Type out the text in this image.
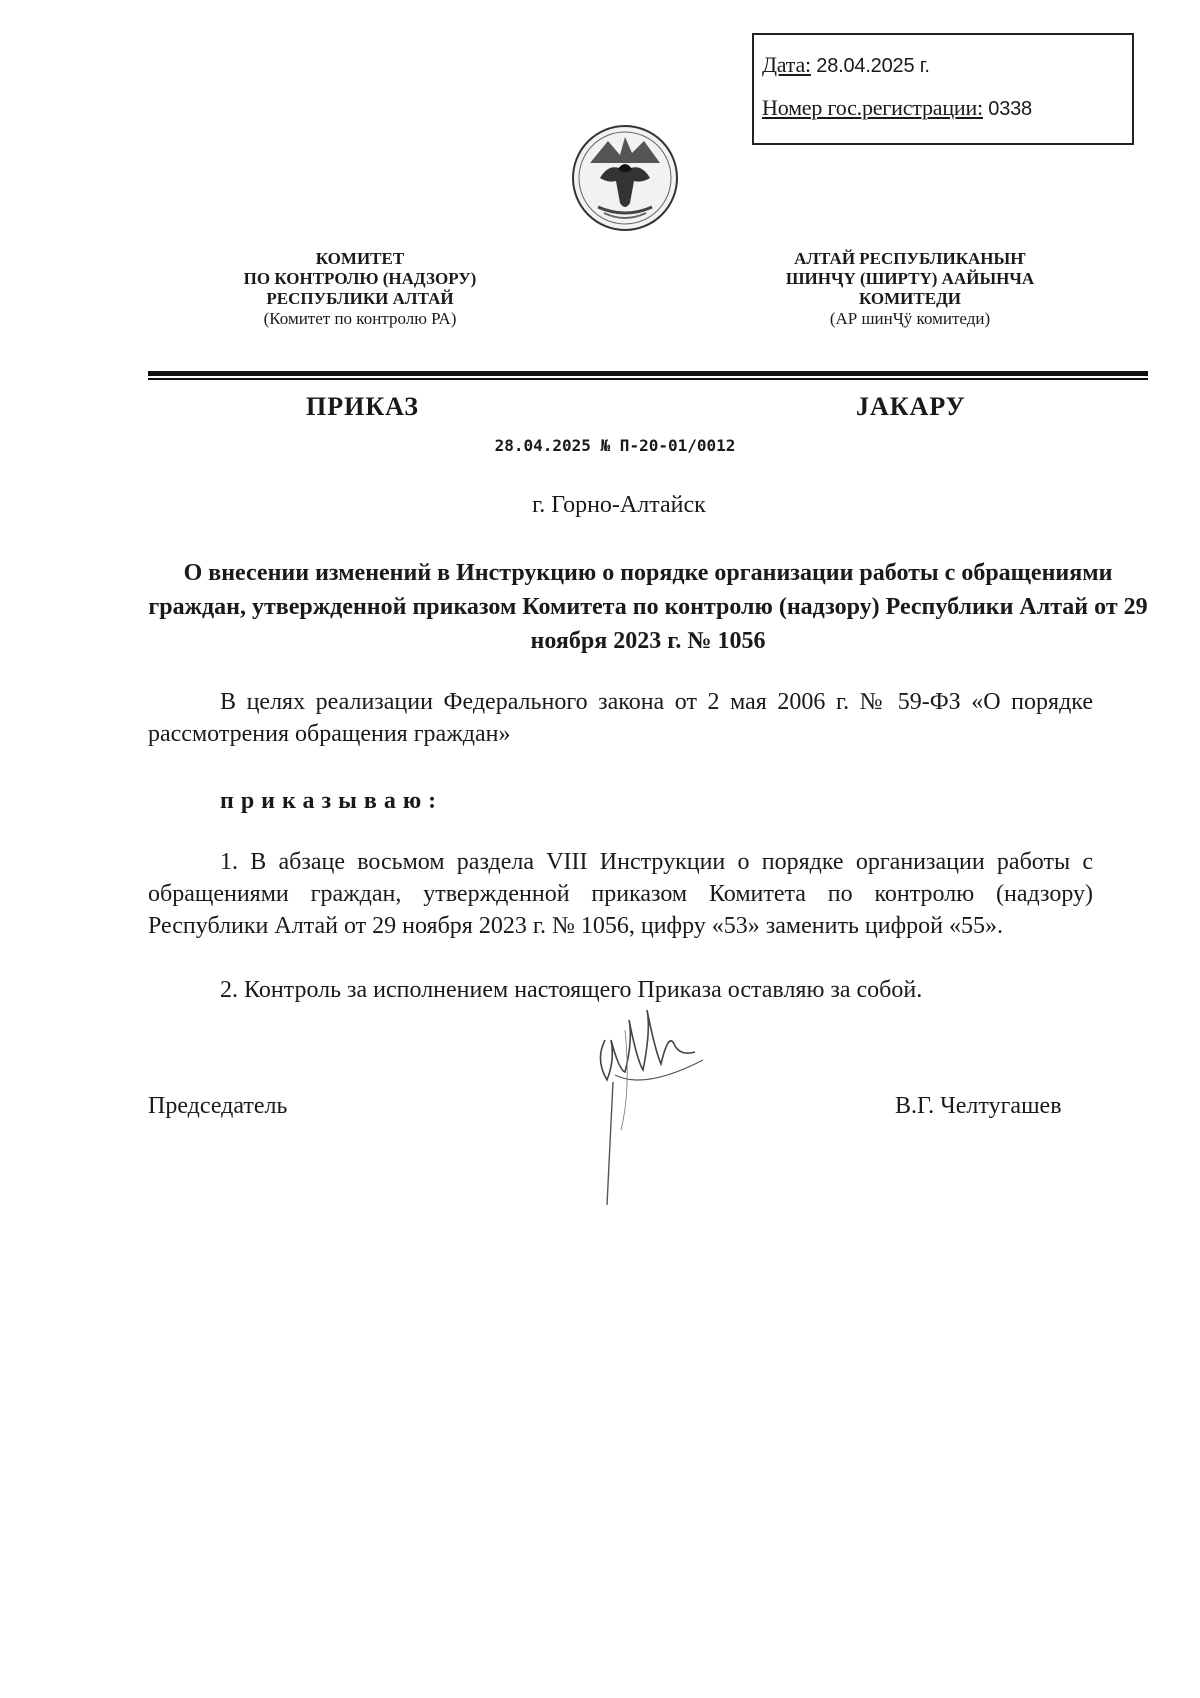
Дата: 28.04.2025 г.
Номер гос.регистрации: 0338
КОМИТЕТ
ПО КОНТРОЛЮ (НАДЗОРУ)
РЕСПУБЛИКИ АЛТАЙ
(Комитет по контролю РА)
АЛТАЙ РЕСПУБЛИКАНЫҤ
ШИНҶҮ (ШИРТҮ) ААЙЫНЧА
КОМИТЕДИ
(АР шинҶӱ комитеди)
ПРИКАЗ	JАКАРУ
28.04.2025 № П-20-01/0012
г. Горно-Алтайск
О внесении изменений в Инструкцию о порядке организации работы с обращениями граждан, утвержденной приказом Комитета по контролю (надзору) Республики Алтай от 29 ноября 2023 г. № 1056
В целях реализации Федерального закона от 2 мая 2006 г. № 59-ФЗ «О порядке рассмотрения обращения граждан»
приказываю:
1. В абзаце восьмом раздела VIII Инструкции о порядке организации работы с обращениями граждан, утвержденной приказом Комитета по контролю (надзору) Республики Алтай от 29 ноября 2023 г. № 1056, цифру «53» заменить цифрой «55».
2. Контроль за исполнением настоящего Приказа оставляю за собой.
Председатель	В.Г. Челтугашев
